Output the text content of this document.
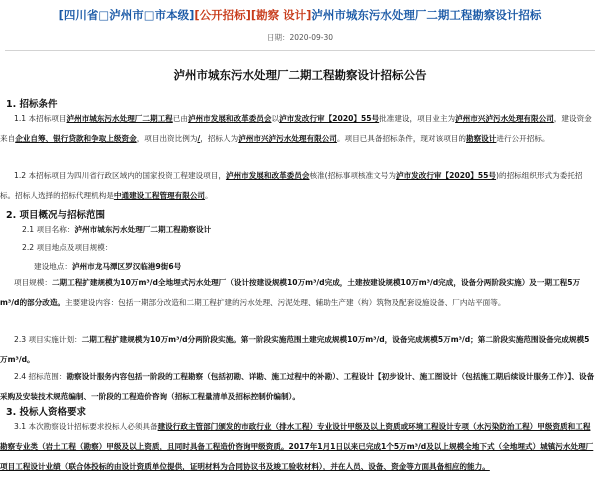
[四川省□泸州市□市本级] [公开招标] [勘察 设计] 泸州市城东污水处理厂二期工程勘察设计招标
日期：2020-09-30
泸州市城东污水处理厂二期工程勘察设计招标公告
1. 招标条件

1.1 本招标项目泸州市城东污水处理厂二期工程已由泸州市发展和改革委员会以泸市发改行审【2020】55号批准建设，项目业主为泸州市兴泸污水处理有限公司，建设资金来自企业自筹、银行贷款和争取上级资金，项目出资比例为/，招标人为泸州市兴泸污水处理有限公司。项目已具备招标条件，现对该项目的勘察设计进行公开招标。

1.2 本招标项目为四川省行政区域内的国家投资工程建设项目，泸州市发展和改革委员会核准(招标事项核准文号为泸市发改行审【2020】55号)的招标组织形式为委托招标。招标人选择的招标代理机构是中通建设工程管理有限公司。

2. 项目概况与招标范围
2.1 项目名称：泸州市城东污水处理厂二期工程勘察设计
2.2 项目地点及项目规模：
建设地点：泸州市龙马潭区罗汉临港9街6号

项目规模：二期工程扩建规模为10万m³/d全地埋式污水处理厂（设计按建设规模10万m³/d完成，土建按建设规模10万m³/d完成，设备分两阶段实施）及一期工程5万m³/d的部分改造。主要建设内容：包括一期部分改造和二期工程扩建的污水处理、污泥处理、辅助生产建（构）筑物及配套设施设备、厂内站平面等。

2.3 项目实施计划：二期工程扩建规模为10万m³/d分两阶段实施。第一阶段实施范围土建完成规模10万m³/d，设备完成规模5万m³/d；第二阶段实施范围设备完成规模5万m³/d。

2.4 招标范围：勘察设计服务内容包括一阶段的工程勘察（包括初勘、详勘、施工过程中的补勘）、工程设计【初步设计、施工图设计（包括施工期后续设计服务工作）】、设备采购及安装技术规范编制、一阶段的工程造价咨询（招标工程量清单及招标控制价编制）。

3. 投标人资格要求

3.1 本次勘察设计招标要求投标人必须具备建设行政主管部门颁发的市政行业（排水工程）专业设计甲级及以上资质或环境工程设计专项（水污染防治工程）甲级资质和工程勘察专业类（岩土工程（勘察）甲级及以上资质，且同时具备工程造价咨询甲级资质。2017年1月1日以来已完成1个5万m³/d及以上规模全地下式（全地埋式）城镇污水处理厂项目工程设计业绩（联合体投标的由设计资质单位提供，证明材料为合同协议书及竣工验收材料），并在人员、设备、资金等方面具备相应的能力。
